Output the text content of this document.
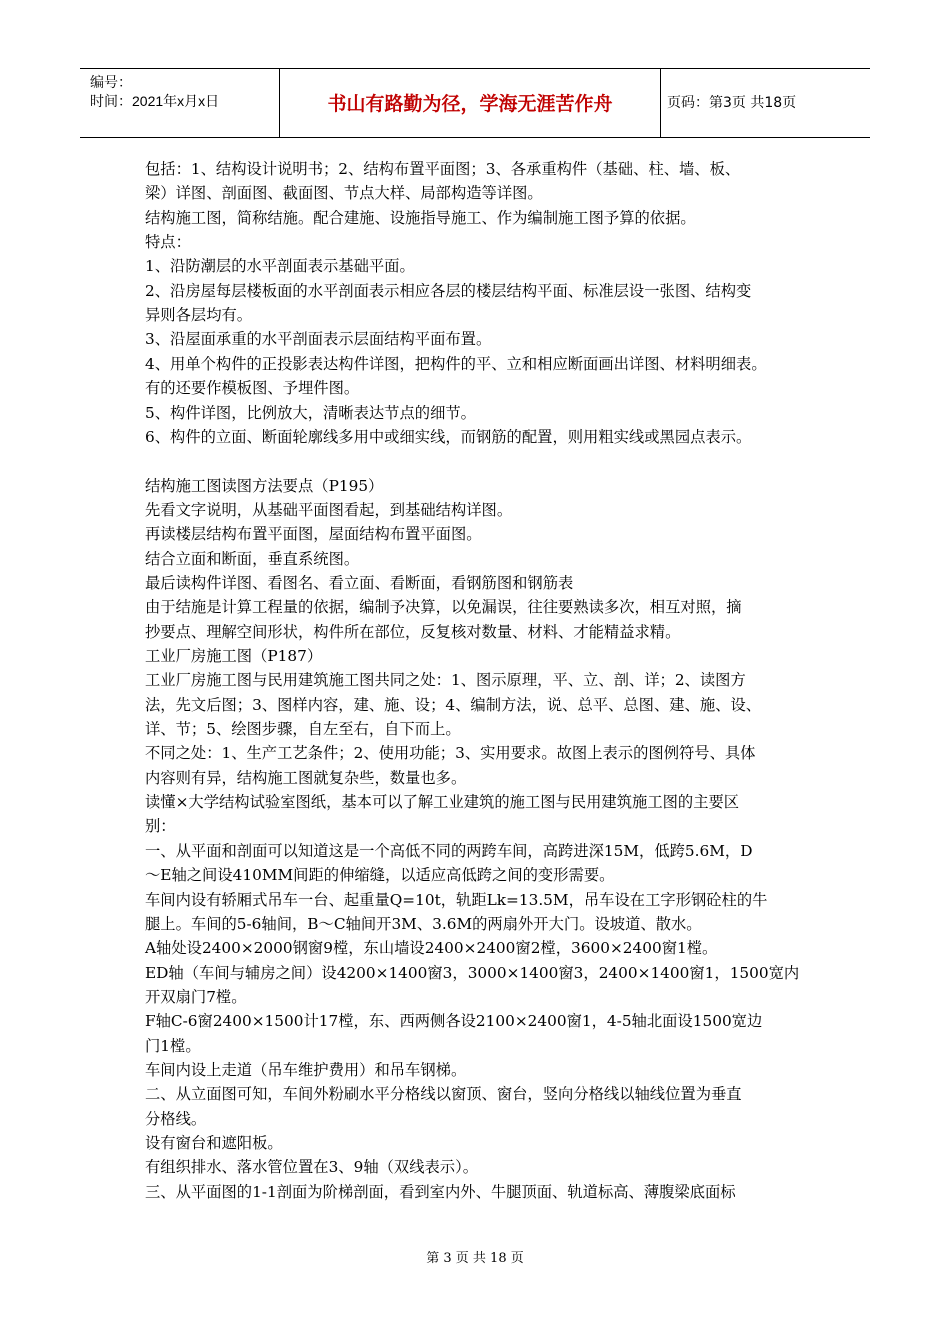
编号：
时间：2021年x月x日	书山有路勤为径，学海无涯苦作舟	页码：第3页 共18页
包括：1、结构设计说明书；2、结构布置平面图；3、各承重构件（基础、柱、墙、板、
梁）详图、剖面图、截面图、节点大样、局部构造等详图。
结构施工图，简称结施。配合建施、设施指导施工、作为编制施工图予算的依据。
特点：
1、沿防潮层的水平剖面表示基础平面。
2、沿房屋每层楼板面的水平剖面表示相应各层的楼层结构平面、标准层设一张图、结构变
异则各层均有。
3、沿屋面承重的水平剖面表示层面结构平面布置。
4、用单个构件的正投影表达构件详图，把构件的平、立和相应断面画出详图、材料明细表。
有的还要作模板图、予埋件图。
5、构件详图，比例放大，清晰表达节点的细节。
6、构件的立面、断面轮廓线多用中或细实线，而钢筋的配置，则用粗实线或黑园点表示。
结构施工图读图方法要点（P195）
先看文字说明，从基础平面图看起，到基础结构详图。
再读楼层结构布置平面图，屋面结构布置平面图。
结合立面和断面，垂直系统图。
最后读构件详图、看图名、看立面、看断面，看钢筋图和钢筋表
由于结施是计算工程量的依据，编制予决算，以免漏误，往往要熟读多次，相互对照，摘
抄要点、理解空间形状，构件所在部位，反复核对数量、材料、才能精益求精。
工业厂房施工图（P187）
工业厂房施工图与民用建筑施工图共同之处：1、图示原理，平、立、剖、详；2、读图方
法，先文后图；3、图样内容，建、施、设；4、编制方法，说、总平、总图、建、施、设、
详、节；5、绘图步骤，自左至右，自下而上。
不同之处：1、生产工艺条件；2、使用功能；3、实用要求。故图上表示的图例符号、具体
内容则有异，结构施工图就复杂些，数量也多。
读懂×大学结构试验室图纸，基本可以了解工业建筑的施工图与民用建筑施工图的主要区
别：
一、从平面和剖面可以知道这是一个高低不同的两跨车间，高跨进深15M，低跨5.6M，D
～E轴之间设410MM间距的伸缩缝，以适应高低跨之间的变形需要。
车间内设有轿厢式吊车一台、起重量Q=10t，轨距Lk=13.5M，吊车设在工字形钢砼柱的牛
腿上。车间的5-6轴间，B～C轴间开3M、3.6M的两扇外开大门。设坡道、散水。
A轴处设2400×2000钢窗9樘，东山墙设2400×2400窗2樘，3600×2400窗1樘。
ED轴（车间与辅房之间）设4200×1400窗3，3000×1400窗3，2400×1400窗1，1500宽内
开双扇门7樘。
F轴C-6窗2400×1500计17樘，东、西两侧各设2100×2400窗1，4-5轴北面设1500宽边
门1樘。
车间内设上走道（吊车维护费用）和吊车钢梯。
二、从立面图可知，车间外粉刷水平分格线以窗顶、窗台，竖向分格线以轴线位置为垂直
分格线。
设有窗台和遮阳板。
有组织排水、落水管位置在3、9轴（双线表示）。
三、从平面图的1-1剖面为阶梯剖面，看到室内外、牛腿顶面、轨道标高、薄腹梁底面标
第 3 页 共 18 页
